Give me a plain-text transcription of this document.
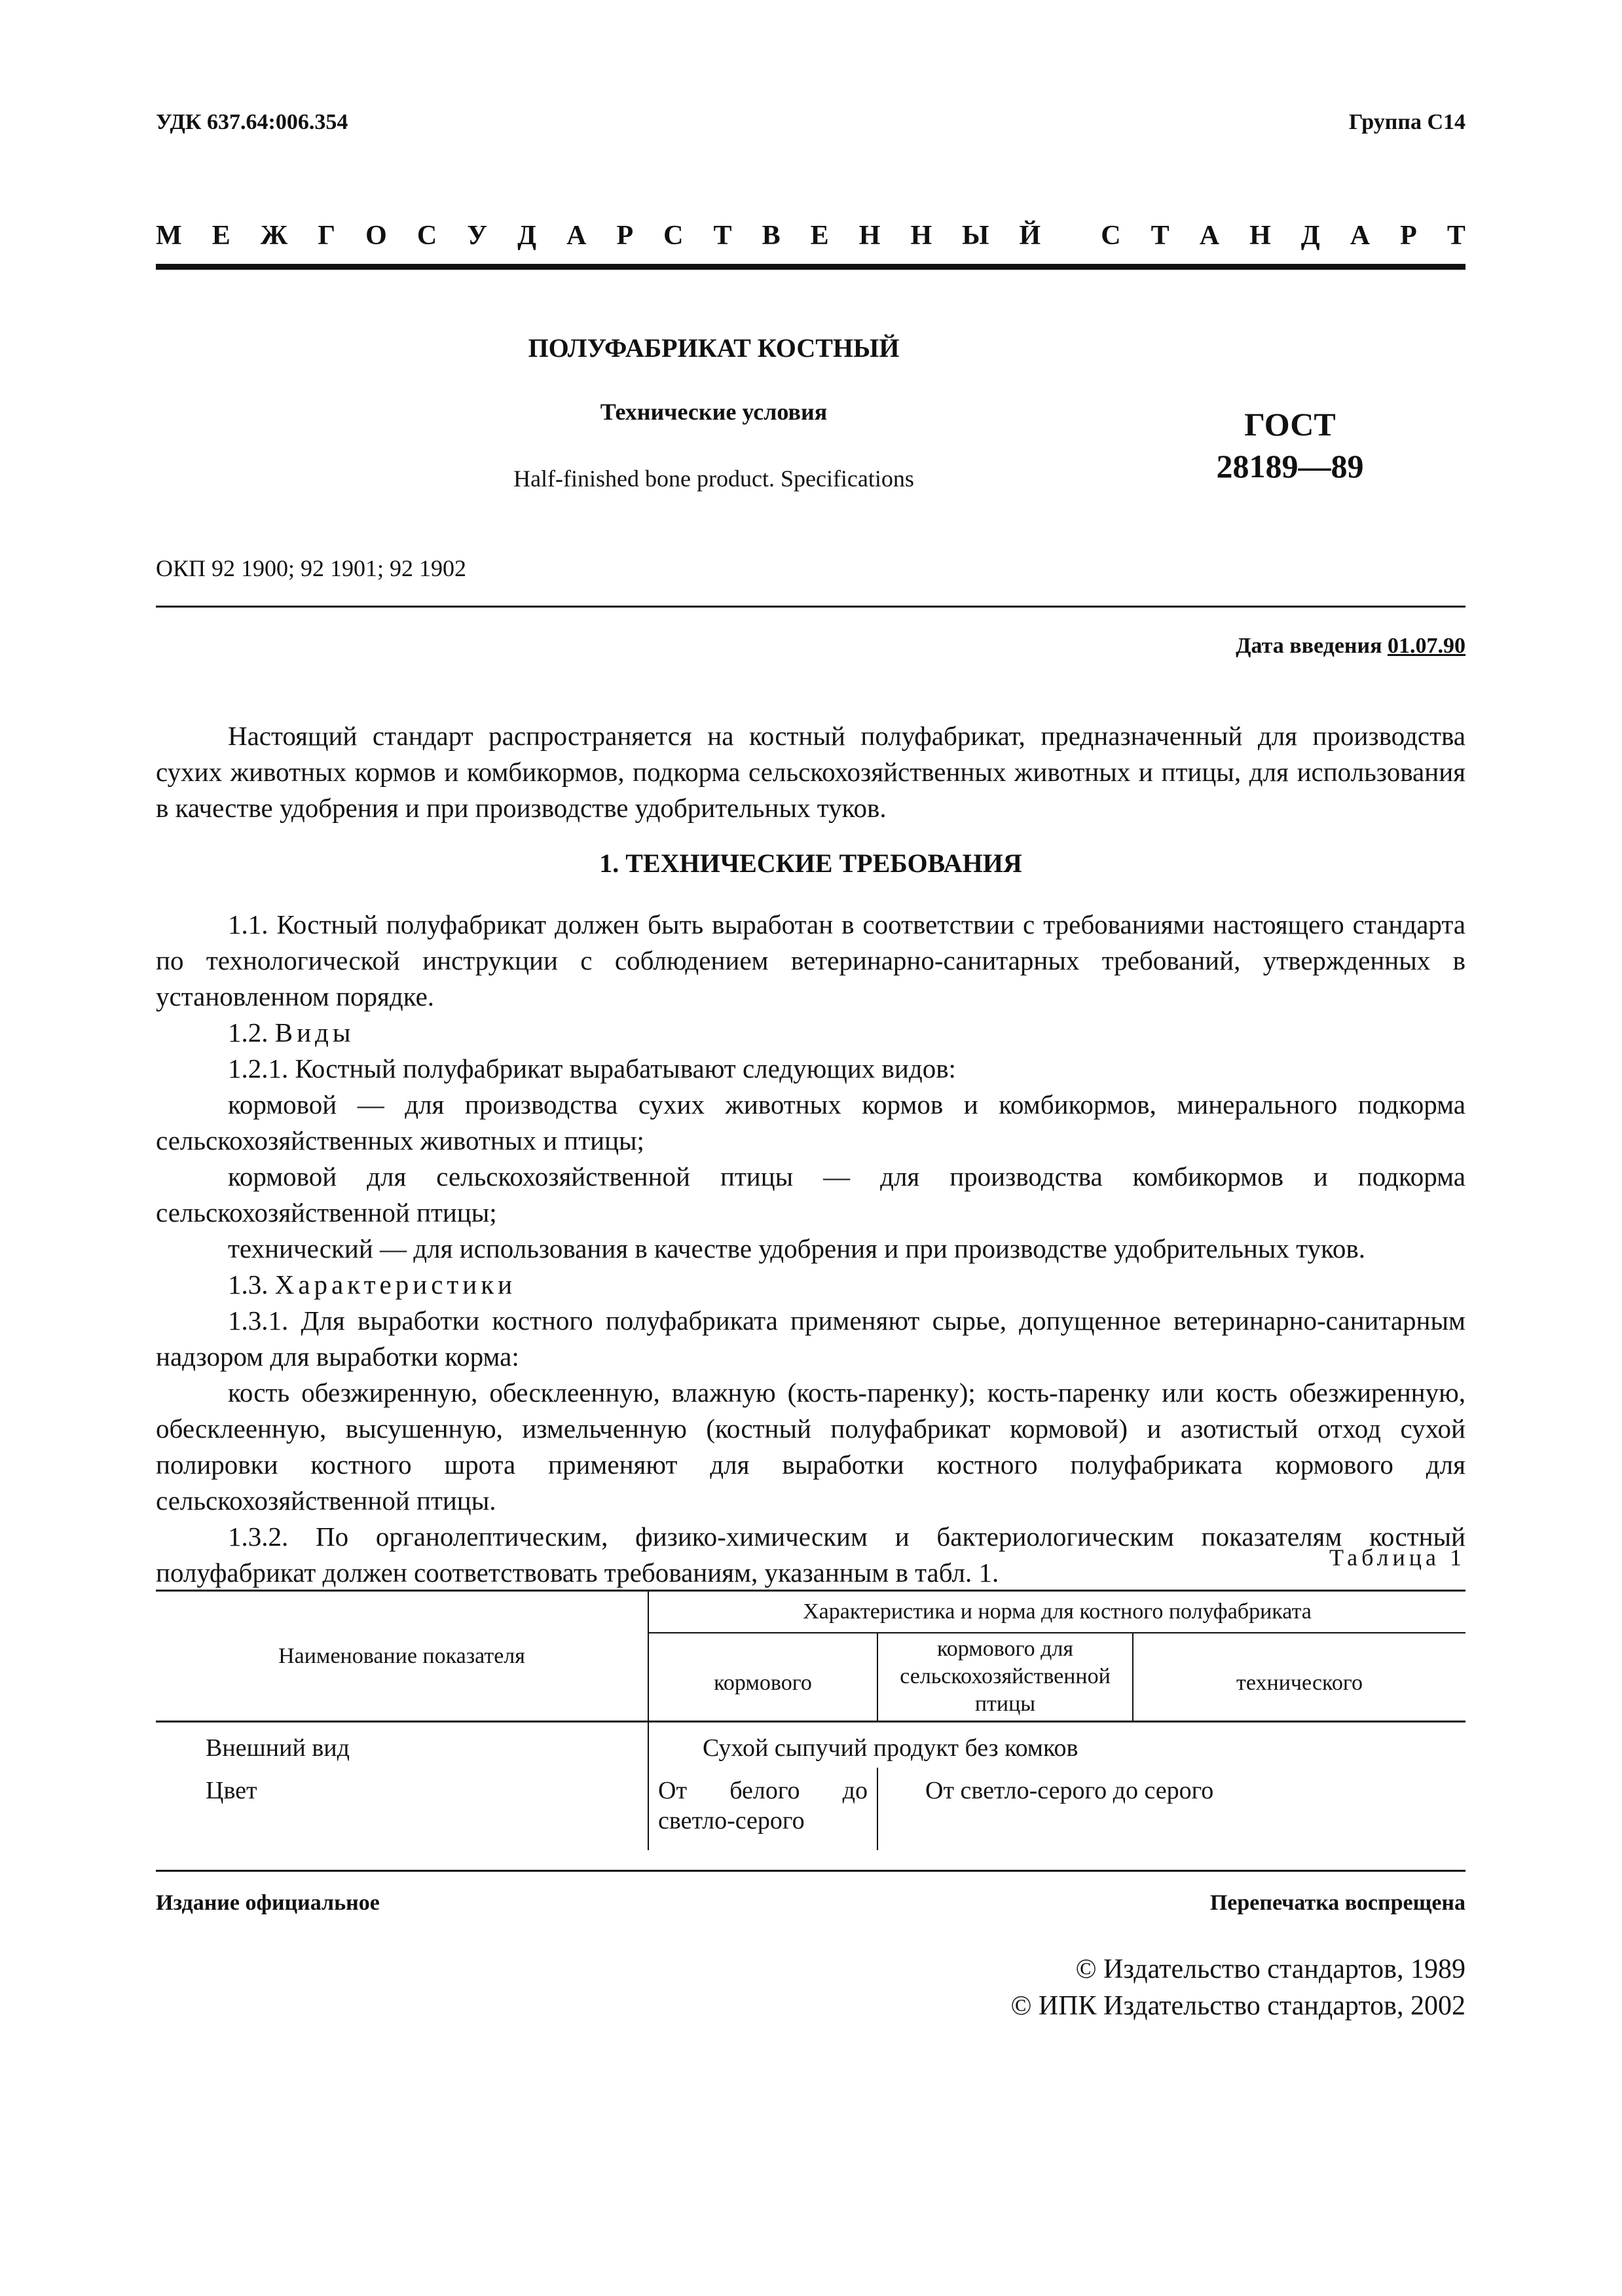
УДК 637.64:006.354	Группа С14
М Е Ж Г О С У Д А Р С Т В Е Н Н Ы Й С Т А Н Д А Р Т
ПОЛУФАБРИКАТ КОСТНЫЙ
Технические условия
Half-finished bone product. Specifications
ГОСТ
28189—89
ОКП 92 1900; 92 1901; 92 1902
Дата введения 01.07.90
Настоящий стандарт распространяется на костный полуфабрикат, предназначенный для производства сухих животных кормов и комбикормов, подкорма сельскохозяйственных животных и птицы, для использования в качестве удобрения и при производстве удобрительных туков.
1. ТЕХНИЧЕСКИЕ ТРЕБОВАНИЯ
1.1. Костный полуфабрикат должен быть выработан в соответствии с требованиями настоящего стандарта по технологической инструкции с соблюдением ветеринарно-санитарных требований, утвержденных в установленном порядке.
1.2. Виды
1.2.1. Костный полуфабрикат вырабатывают следующих видов:
кормовой — для производства сухих животных кормов и комбикормов, минерального подкорма сельскохозяйственных животных и птицы;
кормовой для сельскохозяйственной птицы — для производства комбикормов и подкорма сельскохозяйственной птицы;
технический — для использования в качестве удобрения и при производстве удобрительных туков.
1.3. Характеристики
1.3.1. Для выработки костного полуфабриката применяют сырье, допущенное ветеринарно-санитарным надзором для выработки корма:
кость обезжиренную, обесклеенную, влажную (кость-паренку); кость-паренку или кость обезжиренную, обесклеенную, высушенную, измельченную (костный полуфабрикат кормовой) и азотистый отход сухой полировки костного шрота применяют для выработки костного полуфабриката кормового для сельскохозяйственной птицы.
1.3.2. По органолептическим, физико-химическим и бактериологическим показателям костный полуфабрикат должен соответствовать требованиям, указанным в табл. 1.	Таблица 1
Наименование показателя	Характеристика и норма для костного полуфабриката		
	кормового	кормового для сельскохозяйственной птицы	технического
Внешний вид	Сухой сыпучий продукт без комков		
Цвет	От белого до светло-серого	От светло-серого до серого	
Издание официальное	Перепечатка воспрещена
© Издательство стандартов, 1989
© ИПК Издательство стандартов, 2002
